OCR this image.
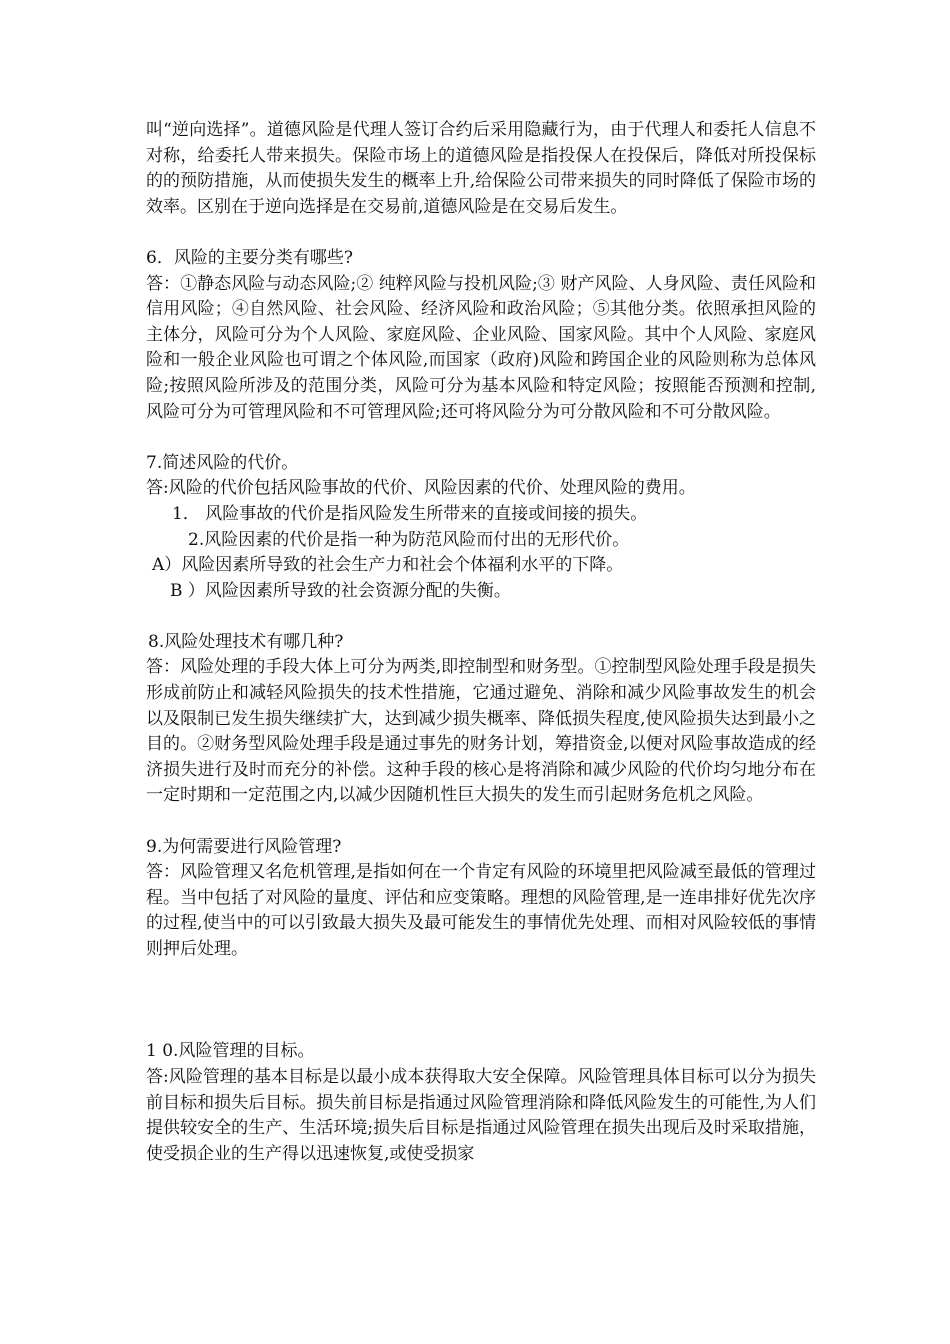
叫“逆向选择”。道德风险是代理人签订合约后采用隐藏行为，由于代理人和委托人信息不对称，给委托人带来损失。保险市场上的道德风险是指投保人在投保后，降低对所投保标的的预防措施，从而使损失发生的概率上升,给保险公司带来损失的同时降低了保险市场的效率。区别在于逆向选择是在交易前,道德风险是在交易后发生。

6．风险的主要分类有哪些?

答：①静态风险与动态风险;② 纯粹风险与投机风险;③ 财产风险、人身风险、责任风险和信用风险；④自然风险、社会风险、经济风险和政治风险；⑤其他分类。依照承担风险的主体分，风险可分为个人风险、家庭风险、企业风险、国家风险。其中个人风险、家庭风险和一般企业风险也可谓之个体风险,而国家（政府)风险和跨国企业的风险则称为总体风险;按照风险所涉及的范围分类，风险可分为基本风险和特定风险；按照能否预测和控制,风险可分为可管理风险和不可管理风险;还可将风险分为可分散风险和不可分散风险。

7.简述风险的代价。

答:风险的代价包括风险事故的代价、风险因素的代价、处理风险的费用。

1． 风险事故的代价是指风险发生所带来的直接或间接的损失。

2.风险因素的代价是指一种为防范风险而付出的无形代价。

A）风险因素所导致的社会生产力和社会个体福利水平的下降。

B ）风险因素所导致的社会资源分配的失衡。

8.风险处理技术有哪几种?

答：风险处理的手段大体上可分为两类,即控制型和财务型。①控制型风险处理手段是损失形成前防止和减轻风险损失的技术性措施，它通过避免、消除和减少风险事故发生的机会以及限制已发生损失继续扩大，达到减少损失概率、降低损失程度,使风险损失达到最小之目的。②财务型风险处理手段是通过事先的财务计划，筹措资金,以便对风险事故造成的经济损失进行及时而充分的补偿。这种手段的核心是将消除和减少风险的代价均匀地分布在一定时期和一定范围之内,以减少因随机性巨大损失的发生而引起财务危机之风险。

9.为何需要进行风险管理?

答：风险管理又名危机管理,是指如何在一个肯定有风险的环境里把风险减至最低的管理过程。当中包括了对风险的量度、评估和应变策略。理想的风险管理,是一连串排好优先次序的过程,使当中的可以引致最大损失及最可能发生的事情优先处理、而相对风险较低的事情则押后处理。

1 0.风险管理的目标。

答:风险管理的基本目标是以最小成本获得取大安全保障。风险管理具体目标可以分为损失前目标和损失后目标。损失前目标是指通过风险管理消除和降低风险发生的可能性,为人们提供较安全的生产、生活环境;损失后目标是指通过风险管理在损失出现后及时采取措施，使受损企业的生产得以迅速恢复,或使受损家
